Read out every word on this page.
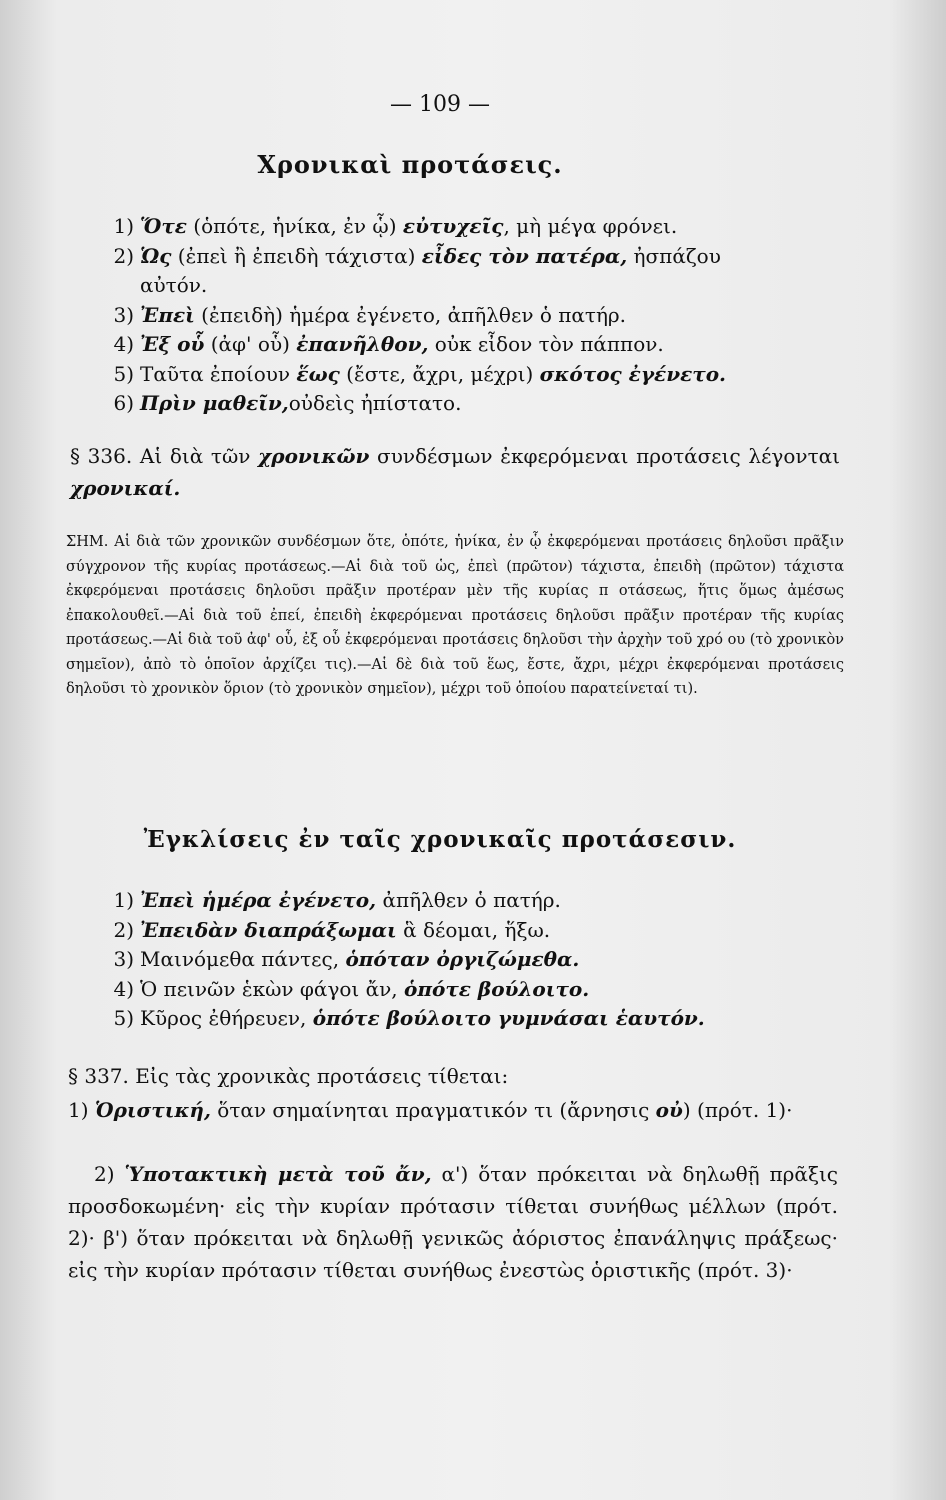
— 109 —
Χρονικαὶ προτάσεις.
1) Ὅτε (ὁπότε, ἡνίκα, ἐν ᾧ) εὐτυχεῖς, μὴ μέγα φρόνει.
2) Ὡς (ἐπεὶ ἢ ἐπειδὴ τάχιστα) εἶδες τὸν πατέρα, ἠσπάζου
αὐτόν.
3) Ἐπεὶ (ἐπειδὴ) ἡμέρα ἐγένετο, ἀπῆλθεν ὁ πατήρ.
4) Ἐξ οὗ (ἀφ' οὗ) ἐπανῆλθον, οὐκ εἶδον τὸν πάππον.
5) Ταῦτα ἐποίουν ἕως (ἔστε, ἄχρι, μέχρι) σκότος ἐγένετο.
6) Πρὶν μαθεῖν,οὐδεὶς ἠπίστατο.
§ 336. Αἱ διὰ τῶν χρονικῶν συνδέσμων ἐκφερόμεναι προτάσεις λέγονται χρονικαί.
ΣΗΜ. Αἱ διὰ τῶν χρονικῶν συνδέσμων ὅτε, ὁπότε, ἡνίκα, ἐν ᾧ ἐκφερόμεναι προτάσεις δηλοῦσι πρᾶξιν σύγχρονον τῆς κυρίας προτάσεως.—Αἱ διὰ τοῦ ὡς, ἐπεὶ (πρῶτον) τάχιστα, ἐπειδὴ (πρῶτον) τάχιστα ἐκφερόμεναι προτάσεις δηλοῦσι πρᾶξιν προτέραν μὲν τῆς κυρίας π οτάσεως, ἥτις ὅμως ἀμέσως ἐπακολουθεῖ.—Αἱ διὰ τοῦ ἐπεί, ἐπειδὴ ἐκφερόμεναι προτάσεις δηλοῦσι πρᾶξιν προτέραν τῆς κυρίας προτάσεως.—Αἱ διὰ τοῦ ἀφ' οὗ, ἐξ οὗ ἐκφερόμεναι προτάσεις δηλοῦσι τὴν ἀρχὴν τοῦ χρό ου (τὸ χρονικὸν σημεῖον), ἀπὸ τὸ ὁποῖον ἀρχίζει τις).—Αἱ δὲ διὰ τοῦ ἕως, ἔστε, ἄχρι, μέχρι ἐκφερόμεναι προτάσεις δηλοῦσι τὸ χρονικὸν ὅριον (τὸ χρονικὸν σημεῖον), μέχρι τοῦ ὁποίου παρατείνεταί τι).
Ἐγκλίσεις ἐν ταῖς χρονικαῖς προτάσεσιν.
1) Ἐπεὶ ἡμέρα ἐγένετο, ἀπῆλθεν ὁ πατήρ.
2) Ἐπειδὰν διαπράξωμαι ἃ δέομαι, ἥξω.
3) Μαινόμεθα πάντες, ὁπόταν ὀργιζώμεθα.
4) Ὁ πεινῶν ἑκὼν φάγοι ἄν, ὁπότε βούλοιτο.
5) Κῦρος ἐθήρευεν, ὁπότε βούλοιτο γυμνάσαι ἑαυτόν.
§ 337. Εἰς τὰς χρονικὰς προτάσεις τίθεται:
1) Ὁριστική, ὅταν σημαίνηται πραγματικόν τι (ἄρνησις οὐ) (πρότ. 1)·
2) Ὑποτακτικὴ μετὰ τοῦ ἄν, α') ὅταν πρόκειται νὰ δηλωθῇ πρᾶξις προσδοκωμένη· εἰς τὴν κυρίαν πρότασιν τίθεται συνήθως μέλλων (πρότ. 2)· β') ὅταν πρόκειται νὰ δηλωθῇ γενικῶς ἀόριστος ἐπανάληψις πράξεως· εἰς τὴν κυρίαν πρότασιν τίθεται συνήθως ἐνεστὼς ὁριστικῆς (πρότ. 3)·
